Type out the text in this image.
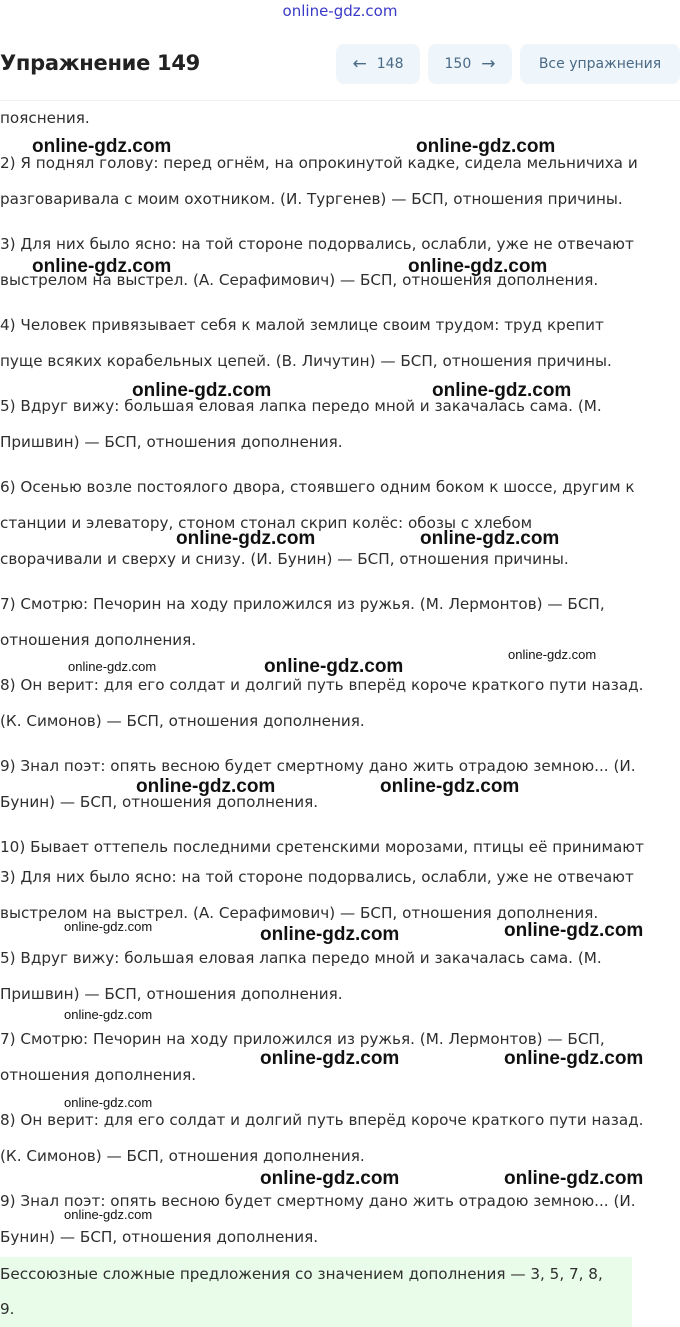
online-gdz.com
Упражнение 149	← 148	150 →	Все упражнения
пояснения.
2) Я поднял голову: перед огнём, на опрокинутой кадке, сидела мельничиха и
разговаривала с моим охотником. (И. Тургенев) — БСП, отношения причины.
3) Для них было ясно: на той стороне подорвались, ослабли, уже не отвечают
выстрелом на выстрел. (А. Серафимович) — БСП, отношения дополнения.
4) Человек привязывает себя к малой землице своим трудом: труд крепит
пуще всяких корабельных цепей. (В. Личутин) — БСП, отношения причины.
5) Вдруг вижу: большая еловая лапка передо мной и закачалась сама. (М.
Пришвин) — БСП, отношения дополнения.
6) Осенью возле постоялого двора, стоявшего одним боком к шоссе, другим к
станции и элеватору, стоном стонал скрип колёс: обозы с хлебом
сворачивали и сверху и снизу. (И. Бунин) — БСП, отношения причины.
7) Смотрю: Печорин на ходу приложился из ружья. (М. Лермонтов) — БСП,
отношения дополнения.
8) Он верит: для его солдат и долгий путь вперёд короче краткого пути назад.
(К. Симонов) — БСП, отношения дополнения.
9) Знал поэт: опять весною будет смертному дано жить отрадою земною... (И.
Бунин) — БСП, отношения дополнения.
10) Бывает оттепель последними сретенскими морозами, птицы её принимают
3) Для них было ясно: на той стороне подорвались, ослабли, уже не отвечают
выстрелом на выстрел. (А. Серафимович) — БСП, отношения дополнения.
5) Вдруг вижу: большая еловая лапка передо мной и закачалась сама. (М.
Пришвин) — БСП, отношения дополнения.
7) Смотрю: Печорин на ходу приложился из ружья. (М. Лермонтов) — БСП,
отношения дополнения.
8) Он верит: для его солдат и долгий путь вперёд короче краткого пути назад.
(К. Симонов) — БСП, отношения дополнения.
9) Знал поэт: опять весною будет смертному дано жить отрадою земною... (И.
Бунин) — БСП, отношения дополнения.
Бессоюзные сложные предложения со значением дополнения — 3, 5, 7, 8,
9.
online-gdz.com	online-gdz.com
online-gdz.com	online-gdz.com
online-gdz.com	online-gdz.com
online-gdz.com	online-gdz.com
online-gdz.com	online-gdz.com
online-gdz.com
online-gdz.com	online-gdz.com
online-gdz.com	online-gdz.com	online-gdz.com
online-gdz.com
online-gdz.com	online-gdz.com
online-gdz.com
online-gdz.com	online-gdz.com
online-gdz.com
